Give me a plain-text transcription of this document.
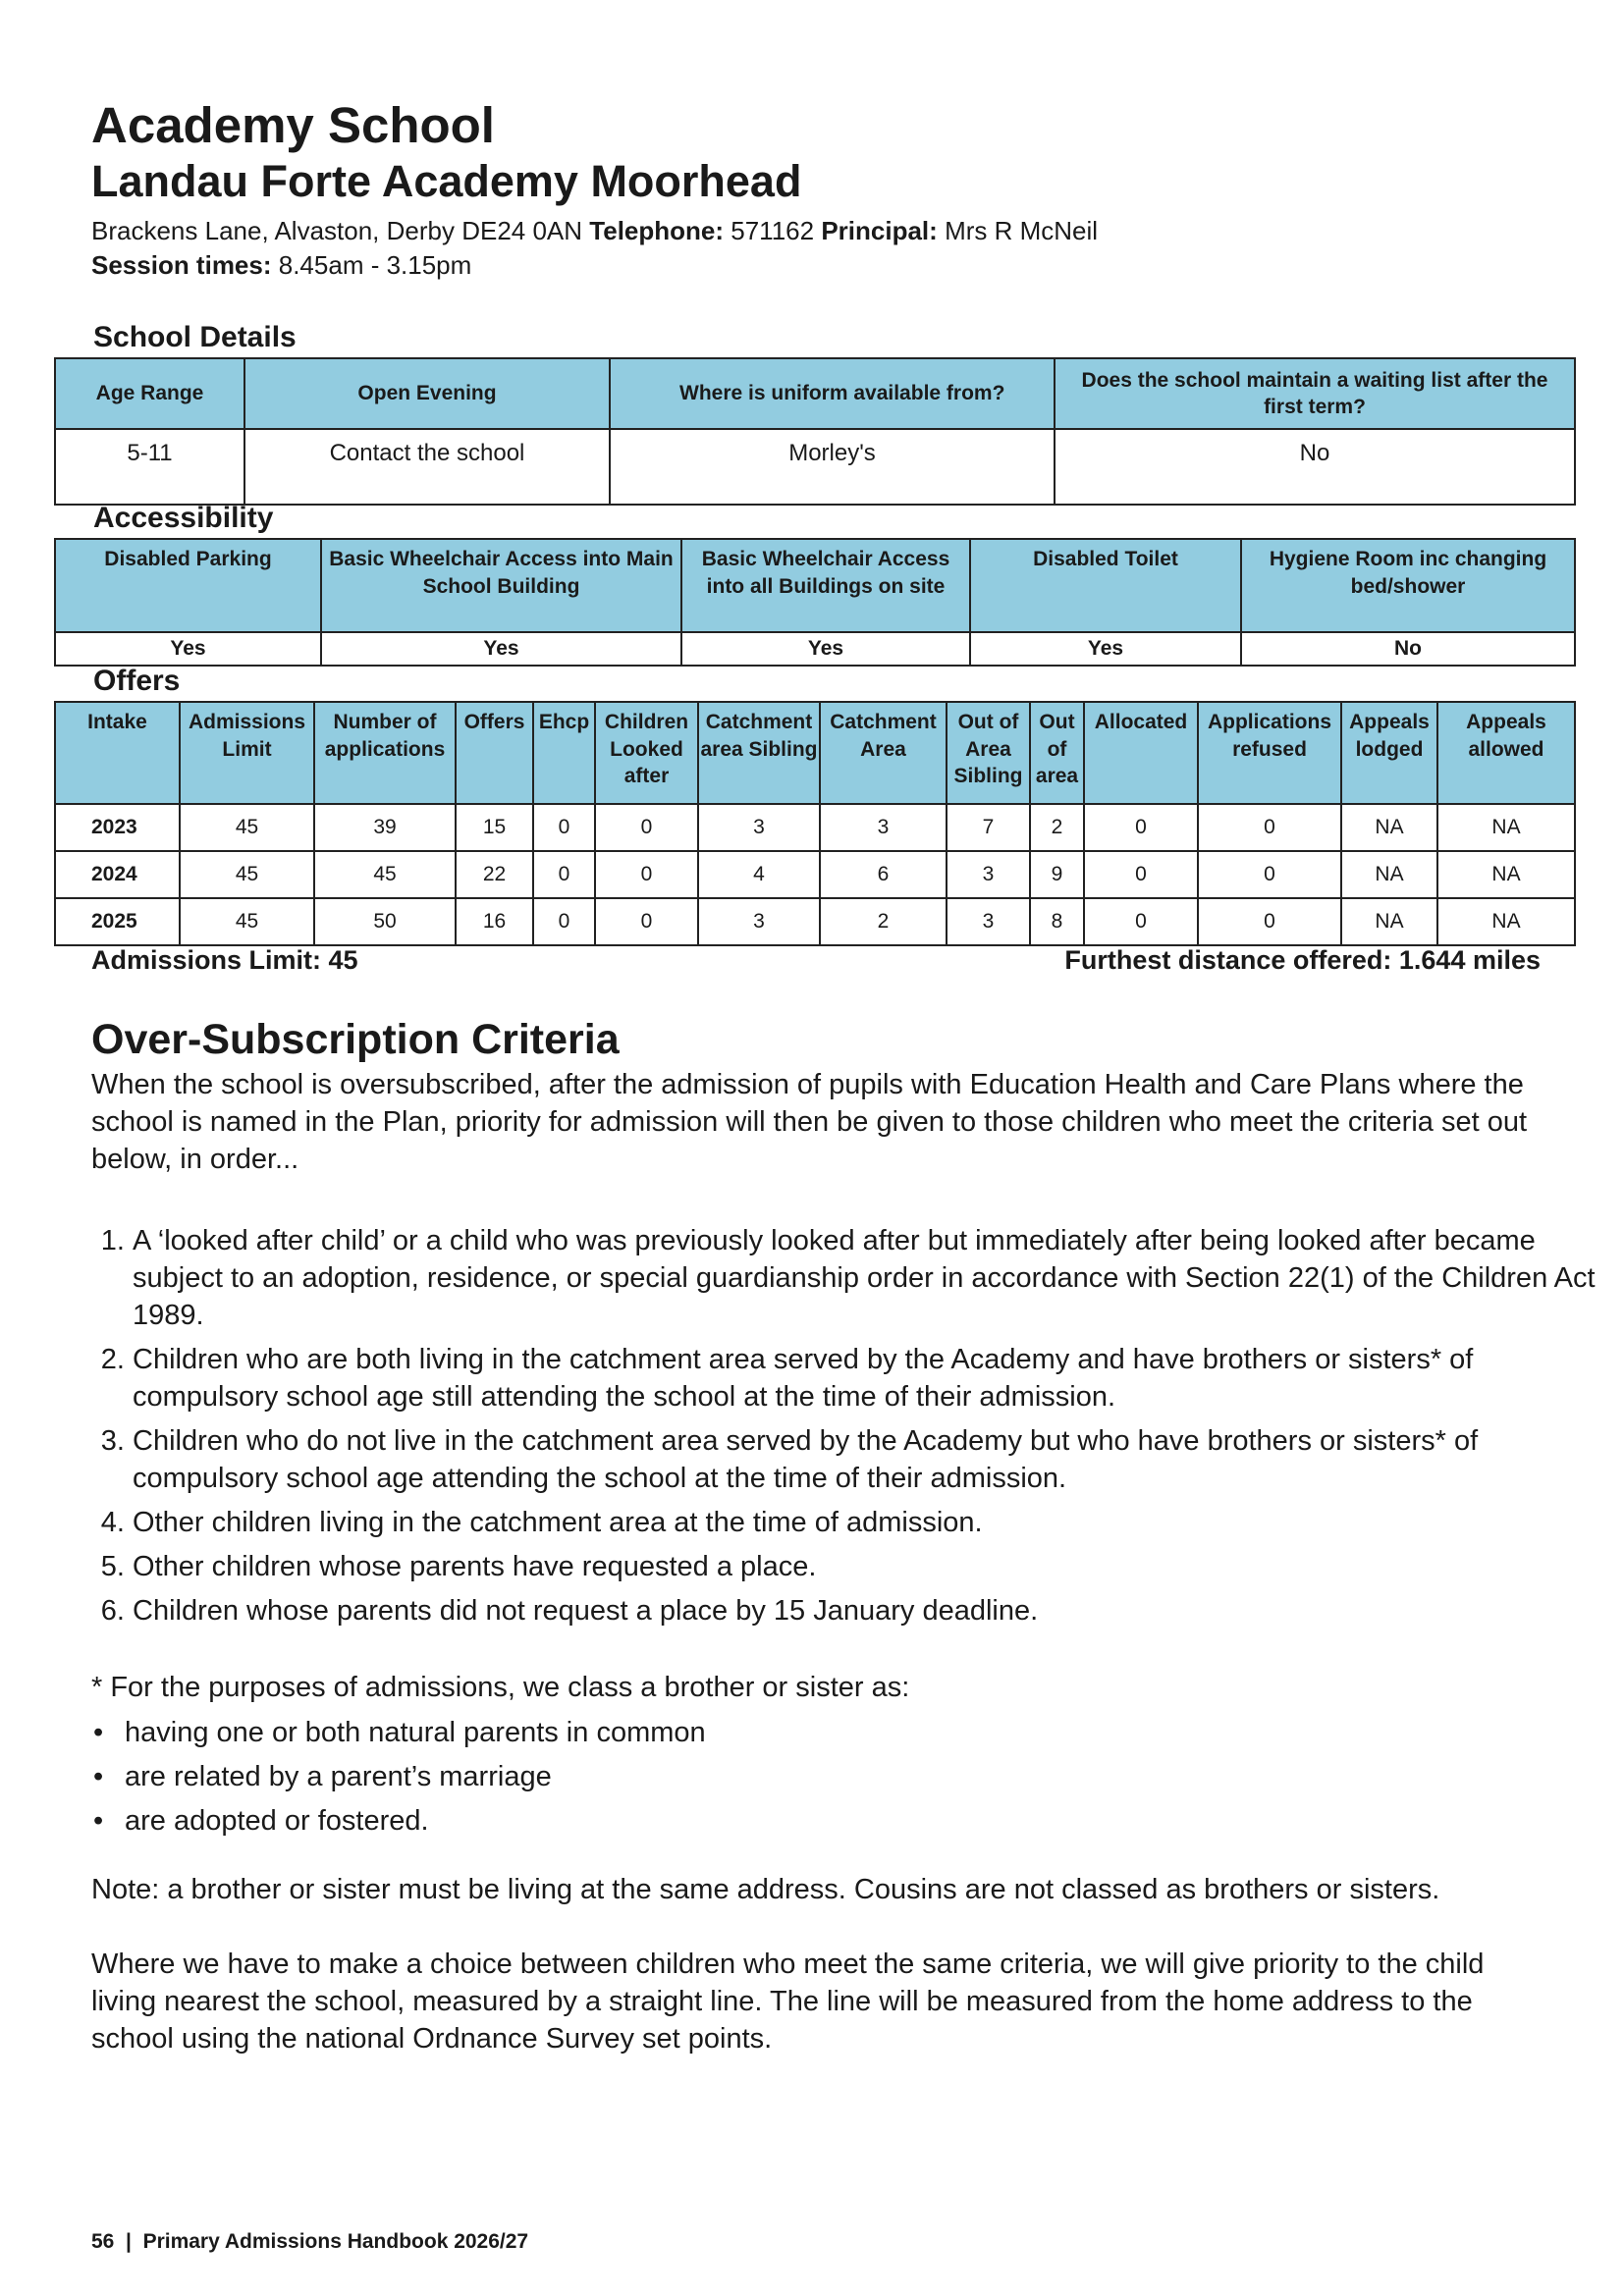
Academy School
Landau Forte Academy Moorhead
Brackens Lane, Alvaston, Derby DE24 0AN Telephone: 571162 Principal: Mrs R McNeil
Session times: 8.45am - 3.15pm
School Details
Age Range	Open Evening	Where is uniform available from?	Does the school maintain a waiting list after the first term?
5-11	Contact the school	Morley's	No
Accessibility
Disabled Parking	Basic Wheelchair Access into Main School Building	Basic Wheelchair Access into all Buildings on site	Disabled Toilet	Hygiene Room inc changing bed/shower
Yes	Yes	Yes	Yes	No
Offers
Intake	Admissions Limit	Number of applications	Offers	Ehcp	Children Looked after	Catchment area Sibling	Catchment Area	Out of Area Sibling	Out of area	Allocated	Applications refused	Appeals lodged	Appeals allowed
2023	45	39	15	0	0	3	3	7	2	0	0	NA	NA
2024	45	45	22	0	0	4	6	3	9	0	0	NA	NA
2025	45	50	16	0	0	3	2	3	8	0	0	NA	NA
Admissions Limit: 45	Furthest distance offered: 1.644 miles
Over-Subscription Criteria

When the school is oversubscribed, after the admission of pupils with Education Health and Care Plans where the school is named in the Plan, priority for admission will then be given to those children who meet the criteria set out below, in order...

1. A ‘looked after child’ or a child who was previously looked after but immediately after being looked after became subject to an adoption, residence, or special guardianship order in accordance with Section 22(1) of the Children Act 1989.
2. Children who are both living in the catchment area served by the Academy and have brothers or sisters* of compulsory school age still attending the school at the time of their admission.
3. Children who do not live in the catchment area served by the Academy but who have brothers or sisters* of compulsory school age attending the school at the time of their admission.
4. Other children living in the catchment area at the time of admission.
5. Other children whose parents have requested a place.
6. Children whose parents did not request a place by 15 January deadline.

* For the purposes of admissions, we class a brother or sister as:

• having one or both natural parents in common
• are related by a parent’s marriage
• are adopted or fostered.

Note: a brother or sister must be living at the same address. Cousins are not classed as brothers or sisters.

Where we have to make a choice between children who meet the same criteria, we will give priority to the child living nearest the school, measured by a straight line. The line will be measured from the home address to the school using the national Ordnance Survey set points.

56  |  Primary Admissions Handbook 2026/27
